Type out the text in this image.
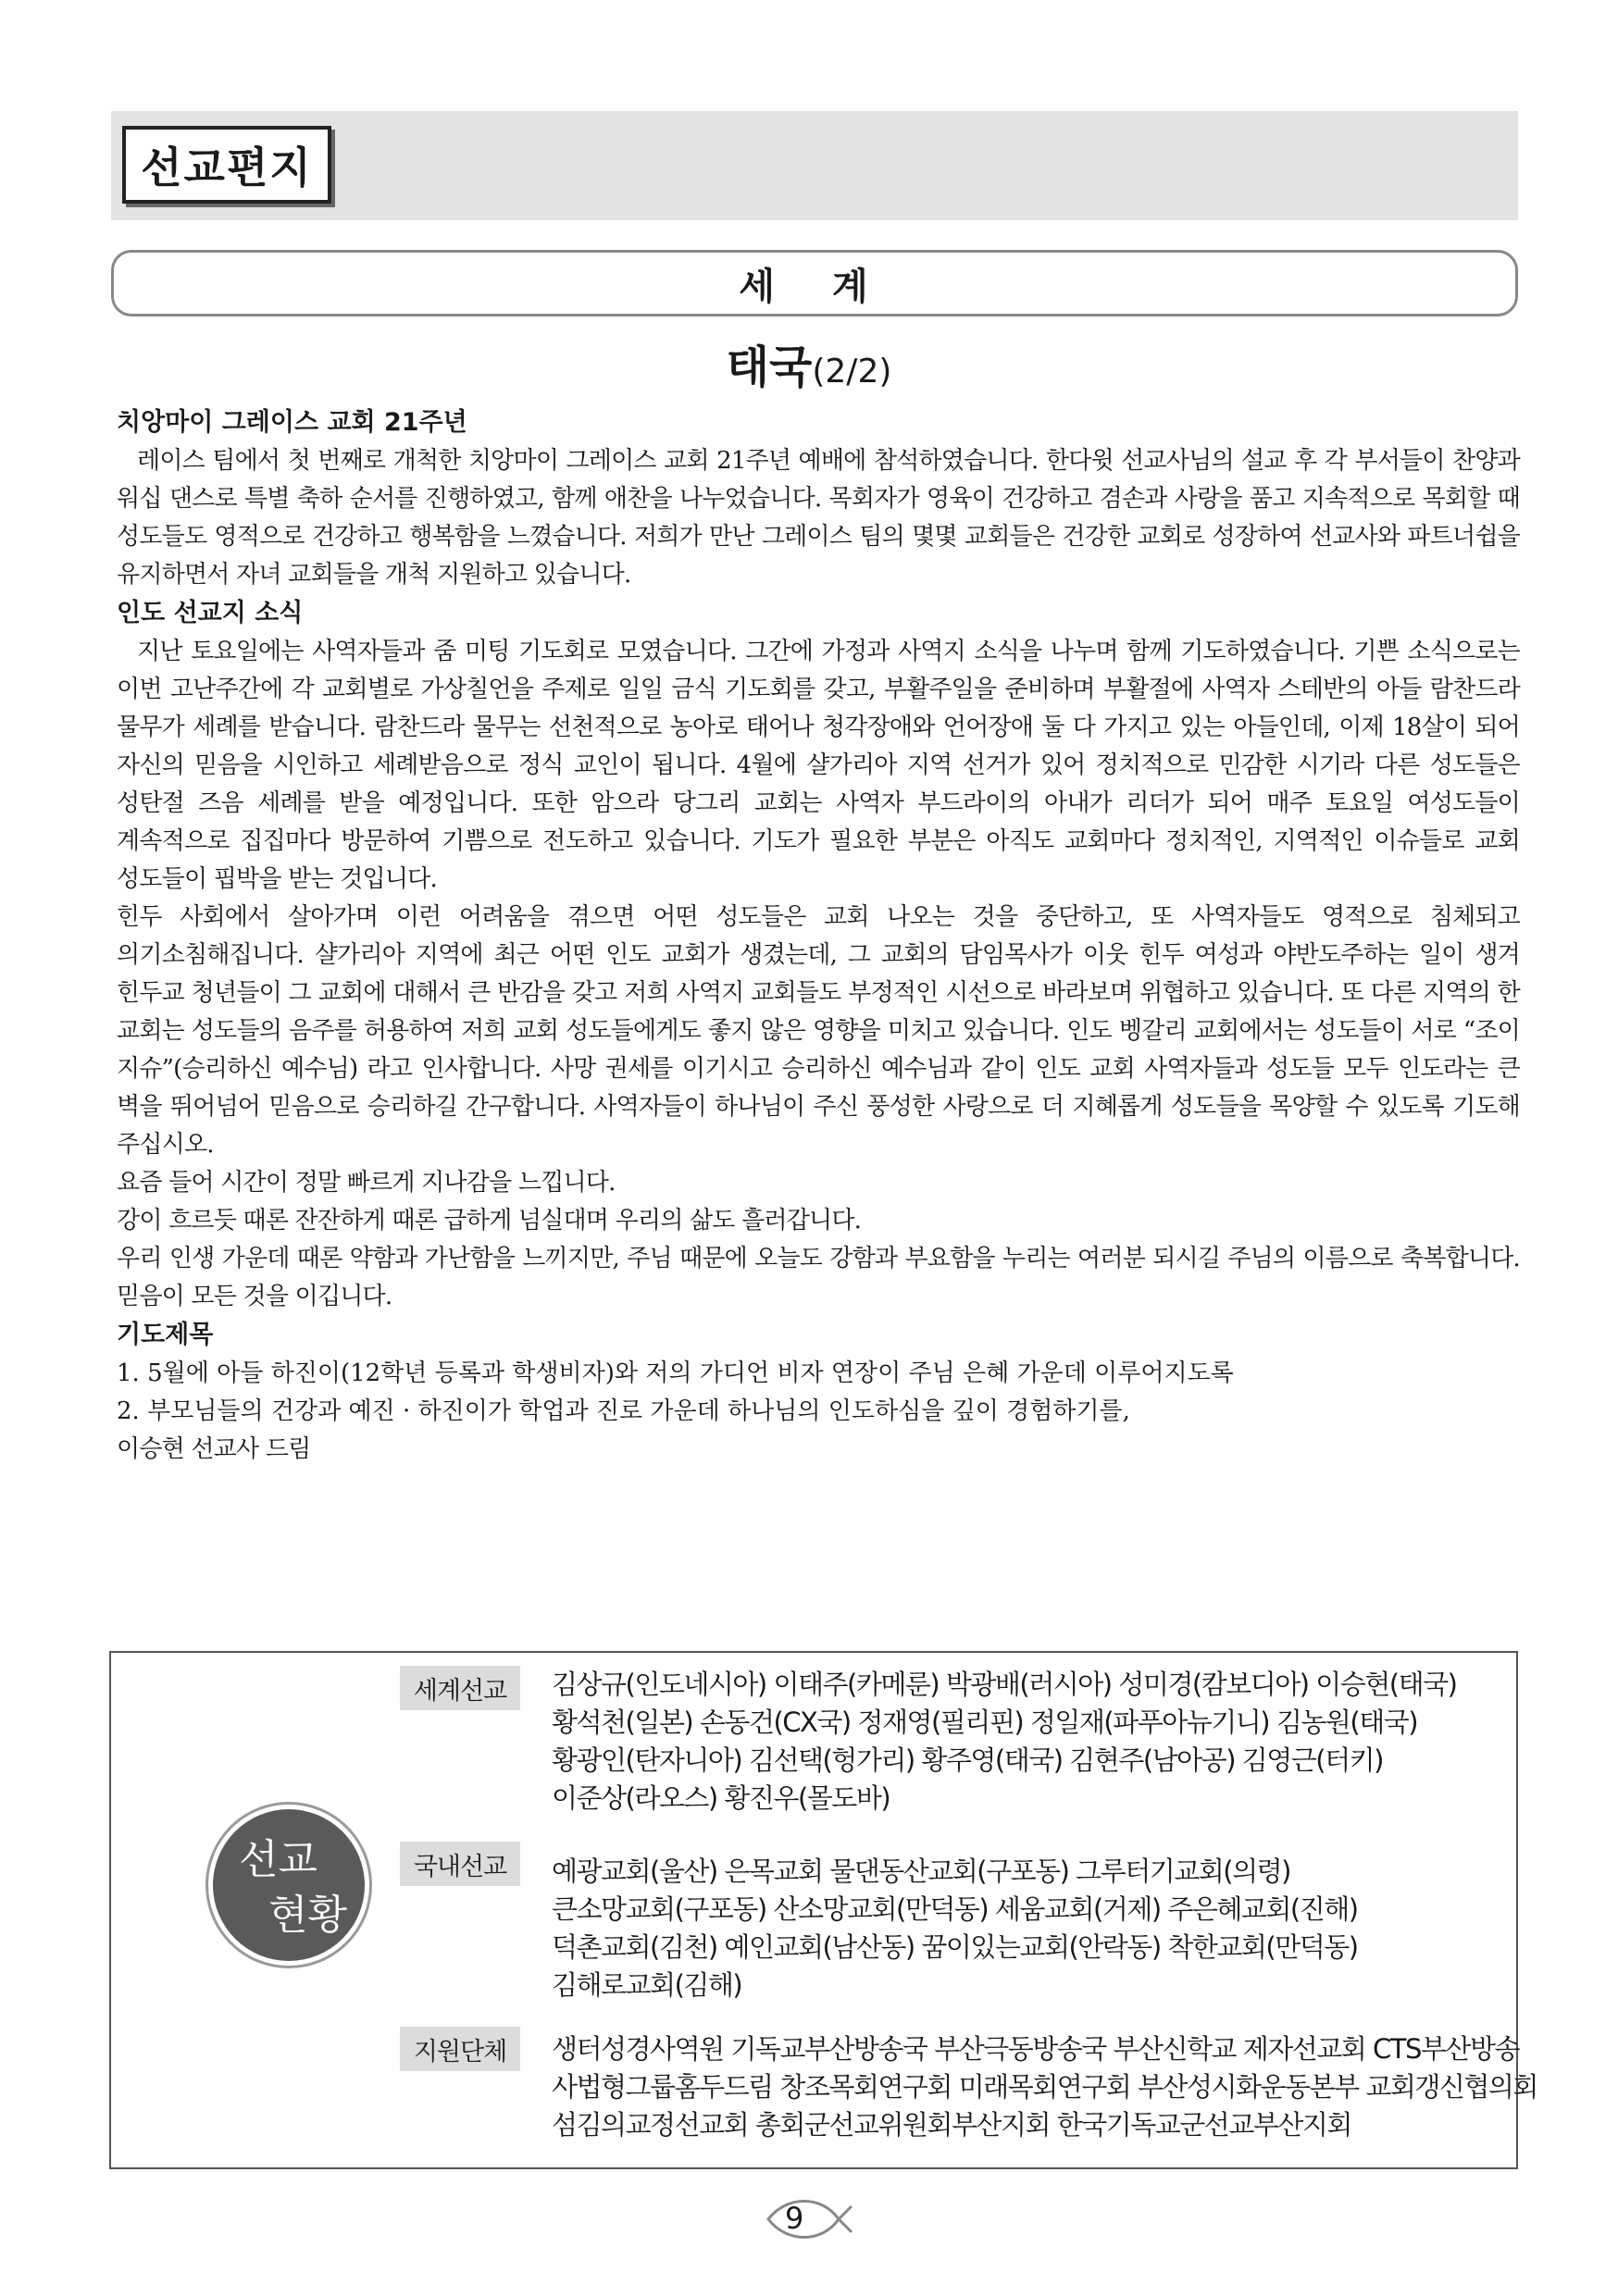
선교편지
세 계
태국(2/2)
치앙마이 그레이스 교회 21주년

레이스 팀에서 첫 번째로 개척한 치앙마이 그레이스 교회 21주년 예배에 참석하였습니다. 한다윗 선교사님의 설교 후 각 부서들이 찬양과 워십 댄스로 특별 축하 순서를 진행하였고, 함께 애찬을 나누었습니다. 목회자가 영육이 건강하고 겸손과 사랑을 품고 지속적으로 목회할 때 성도들도 영적으로 건강하고 행복함을 느꼈습니다. 저희가 만난 그레이스 팀의 몇몇 교회들은 건강한 교회로 성장하여 선교사와 파트너쉽을 유지하면서 자녀 교회들을 개척 지원하고 있습니다.

인도 선교지 소식

지난 토요일에는 사역자들과 줌 미팅 기도회로 모였습니다. 그간에 가정과 사역지 소식을 나누며 함께 기도하였습니다. 기쁜 소식으로는 이번 고난주간에 각 교회별로 가상칠언을 주제로 일일 금식 기도회를 갖고, 부활주일을 준비하며 부활절에 사역자 스테반의 아들 람찬드라 물무가 세례를 받습니다. 람찬드라 물무는 선천적으로 농아로 태어나 청각장애와 언어장애 둘 다 가지고 있는 아들인데, 이제 18살이 되어 자신의 믿음을 시인하고 세례받음으로 정식 교인이 됩니다. 4월에 샬가리아 지역 선거가 있어 정치적으로 민감한 시기라 다른 성도들은 성탄절 즈음 세례를 받을 예정입니다. 또한 암으라 당그리 교회는 사역자 부드라이의 아내가 리더가 되어 매주 토요일 여성도들이 계속적으로 집집마다 방문하여 기쁨으로 전도하고 있습니다. 기도가 필요한 부분은 아직도 교회마다 정치적인, 지역적인 이슈들로 교회 성도들이 핍박을 받는 것입니다.

힌두 사회에서 살아가며 이런 어려움을 겪으면 어떤 성도들은 교회 나오는 것을 중단하고, 또 사역자들도 영적으로 침체되고 의기소침해집니다. 샬가리아 지역에 최근 어떤 인도 교회가 생겼는데, 그 교회의 담임목사가 이웃 힌두 여성과 야반도주하는 일이 생겨 힌두교 청년들이 그 교회에 대해서 큰 반감을 갖고 저희 사역지 교회들도 부정적인 시선으로 바라보며 위협하고 있습니다. 또 다른 지역의 한 교회는 성도들의 음주를 허용하여 저희 교회 성도들에게도 좋지 않은 영향을 미치고 있습니다. 인도 벵갈리 교회에서는 성도들이 서로 “조이 지슈”(승리하신 예수님) 라고 인사합니다. 사망 권세를 이기시고 승리하신 예수님과 같이 인도 교회 사역자들과 성도들 모두 인도라는 큰 벽을 뛰어넘어 믿음으로 승리하길 간구합니다. 사역자들이 하나님이 주신 풍성한 사랑으로 더 지혜롭게 성도들을 목양할 수 있도록 기도해 주십시오.

요즘 들어 시간이 정말 빠르게 지나감을 느낍니다.

강이 흐르듯 때론 잔잔하게 때론 급하게 넘실대며 우리의 삶도 흘러갑니다.

우리 인생 가운데 때론 약함과 가난함을 느끼지만, 주님 때문에 오늘도 강함과 부요함을 누리는 여러분 되시길 주님의 이름으로 축복합니다. 믿음이 모든 것을 이깁니다.

기도제목
1. 5월에 아들 하진이(12학년 등록과 학생비자)와 저의 가디언 비자 연장이 주님 은혜 가운데 이루어지도록
2. 부모님들의 건강과 예진 · 하진이가 학업과 진로 가운데 하나님의 인도하심을 깊이 경험하기를,

이승현 선교사 드림

선교
현황
세계선교	김상규(인도네시아) 이태주(카메룬) 박광배(러시아) 성미경(캄보디아) 이승현(태국)
황석천(일본) 손동건(CX국) 정재영(필리핀) 정일재(파푸아뉴기니) 김농원(태국)
황광인(탄자니아) 김선택(헝가리) 황주영(태국) 김현주(남아공) 김영근(터키)
이준상(라오스) 황진우(몰도바)
국내선교	예광교회(울산) 은목교회 물댄동산교회(구포동) 그루터기교회(의령)
큰소망교회(구포동) 산소망교회(만덕동) 세움교회(거제) 주은혜교회(진해)
덕촌교회(김천) 예인교회(남산동) 꿈이있는교회(안락동) 착한교회(만덕동)
김해로교회(김해)
지원단체	생터성경사역원 기독교부산방송국 부산극동방송국 부산신학교 제자선교회 CTS부산방송
사법형그룹홈두드림 창조목회연구회 미래목회연구회 부산성시화운동본부 교회갱신협의회
섬김의교정선교회 총회군선교위원회부산지회 한국기독교군선교부산지회
9
